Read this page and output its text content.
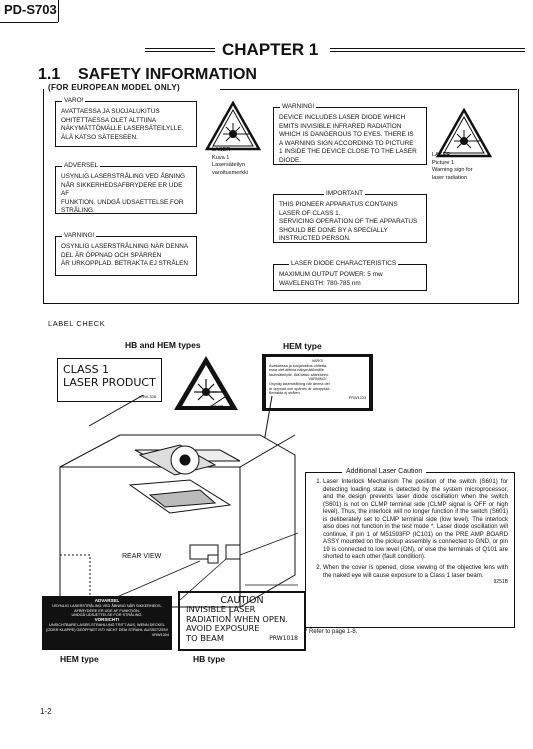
PD-S703
CHAPTER 1
1.1 SAFETY INFORMATION
(FOR EUROPEAN MODEL ONLY)
VARO!
AVATTAESSA JA SUOJALUKITUS
OHITETTAESSA OLET ALTTIINA
NÄKYMÄTTÖMÄLLE LASERSÄTEILYLLE.
ÄLÄ KATSO SÄTEESEEN.
ADVERSEL
USYNLIG LASERSTRÅLING VED ÅBNING
NÅR SIKKERHEDSAFBRYDERE ER UDE AF
FUNKTION. UNDGÅ UDSAETTELSE FOR
STRÅLING.
VARNING!
OSYNLIG LASERSTRÅLNING NÄR DENNA
DEL ÄR ÖPPNAD OCH SPÄRREN
ÄR URKOPPLAD. BETRAKTA EJ STRÅLEN
LASER
Kuva 1
Lasersäteilyn
varoitusmerkki
WARNING!
DEVICE INCLUDES LASER DIODE WHICH
EMITS INVISIBLE INFRARED RADIATION
WHICH IS DANGEROUS TO EYES. THERE IS
A WARNING SIGN ACCORDING TO PICTURE
1 INSIDE THE DEVICE CLOSE TO THE LASER
DIODE.
LASER
Picture 1
Warning sign for
laser radiation
IMPORTANT
THIS PIONEER APPARATUS CONTAINS
LASER OF CLASS 1.
SERVICING OPERATION OF THE APPARATUS
SHOULD BE DONE BY A SPECIALLY
INSTRUCTED PERSON.
LASER DIODE CHARACTERISTICS
MAXIMUM OUTPUT POWER: 5 mw
WAVELENGTH: 780-785 nm
LABEL CHECK
HB and HEM types	HEM type
CLASS 1
LASER PRODUCT
VRW-328
VRW-328
VARO!
Avattaessa ja suojalukitus ohitetta-
essa olet alttiina näkymättömälle
lasersäteilylle. Älä katso säteeseen.
VARNING!
Osynlig laserstrålning när denna del
är öppnad och spärren är urkopplad.
Betrakta ej strålen.
PRW1233
REAR VIEW
Additional Laser Caution
1. Laser Interlock Mechanism The position of the switch (S601) for detecting loading state is detected by the system microprocessor, and the design prevents laser diode oscillation when the switch (S601) is not on CLMP terminal side (CLMP signal is OFF or high level). Thus, the interlock will no longer function if the switch (S601) is deliberately set to CLMP terminal side (low level). The interlock also does not function in the test mode *. Laser diode oscillation will continue, if pin 1 of M51593FP (IC101) on the PRE AMP BOARD ASSY mounted on the pickup assembly is connected to GND, or pin 19 is connected to low level (ON), or else the terminals of Q101 are shorted to each other (fault condition).
2. When the cover is opened, close viewing of the objective lens with the naked eye will cause exposure to a Class 1 laser beam.
9251B
* Refer to page 1-8.
ADVARSEL
USYNLIG LASERSTRÅLING VED ÅBNING NÅR SIKKERHEDS-
AFBRYDERE ER UDE AF FUNKTION.
UNDGÅ UDSÆTTELSE FOR STRÅLING.
VORSICHT!
UNSICHTBARE LASER-STRAHLUNG TRITT AUS, WENN DECKEL
(ODER KLAPPE) GEÖFFNET IST! NICHT DEM STRAHL AUSSETZEN!
VRW1304
CAUTION
INVISIBLE LASER
RADIATION WHEN OPEN.
AVOID EXPOSURE
TO BEAM	PRW1018
HEM type	HB type
1-2
